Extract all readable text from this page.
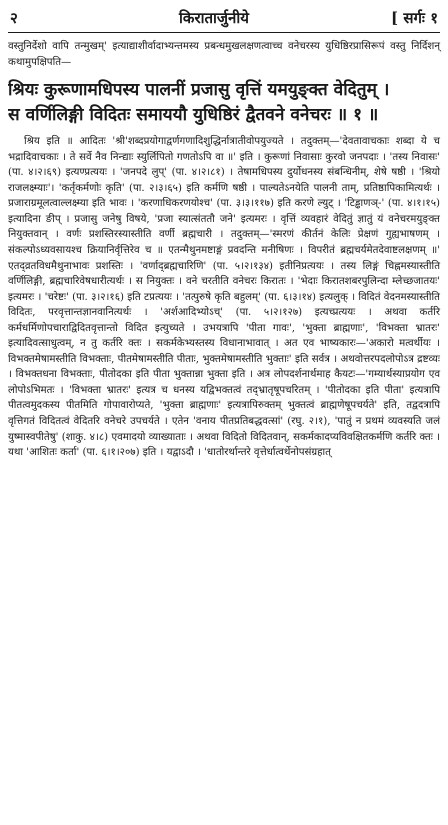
२	किरातार्जुनीये	[ सर्गः १

वस्तुनिर्देशो वापि तन्मुखम्' इत्याद्याशीर्वादाभ्यन्तमस्य प्रबन्धमुखलक्षणत्वाच्च वनेचरस्य युधिष्ठिरप्रासिरूपं वस्तु निर्दिशन् कथामुपक्षिपति—

श्रियः कुरूणामधिपस्य पालनीं प्रजासु वृत्तिं यमयुङ्क्त वेदितुम् ।
स वर्णिलिङ्गी विदितः समाययौ युधिष्ठिरं द्वैतवने वनेचरः ॥ १ ॥

श्रिय इति ॥ आदितः 'श्री'शब्दप्रयोगाद्वर्णगणादिशुद्धिर्नात्रातीवोपयुज्यते । तदुक्तम्—'देवतावाचकाः शब्दा ये च भद्रादिवाचकाः । ते सर्वे नैव निन्द्याः स्युर्लिपितो गणतोऽपि वा ॥' इति । कुरूणां निवासाः कुरवो जनपदाः । 'तस्य निवासः' (पा. ४।२।६९) इत्यण्प्रत्ययः । 'जनपदे लुप्' (पा. ४।२।८१) । तेषामधिपस्य दुर्योधनस्य संबन्धिनीम्, शेषे षष्ठी । 'श्रियो राजलक्ष्म्याः'। 'कर्तृकर्मणोः कृति' (पा. २।३।६५) इति कर्मणि षष्ठी । पाल्यतेऽनयेति पालनी ताम्, प्रतिष्ठापिकामित्यर्थः । प्रजाराग्रमूलत्वाल्लक्ष्म्या इति भावः । 'करणाधिकरणयोश्च' (पा. ३।३।११७) इति करणे ल्युट् । 'टिड्ढाणञ्-' (पा. ४।१।१५) इत्यादिना ङीप् । प्रजासु जनेषु विषये, 'प्रजा स्यात्संततौ जने' इत्यमरः । वृत्तिं व्यवहारं वेदितुं ज्ञातुं यं वनेचरमयुङ्क्त नियुक्तवान् । वर्णः प्रशस्तिरस्यास्तीति वर्णी ब्रह्मचारी । तदुक्तम्—'स्मरणं कीर्तनं केलिः प्रेक्षणं गुह्यभाषणम् । संकल्पोऽध्यवसायश्च क्रियानिर्वृत्तिरेव च ॥ एतन्मैथुनमष्टाङ्गं प्रवदन्ति मनीषिणः । विपरीतं ब्रह्मचर्यमेतदेवाष्टलक्षणम् ॥' एतद्व्रतविधमैथुनाभावः प्रशस्तिः । 'वर्णाद्ब्रह्मचारिणि' (पा. ५।२।१३४) इतीनिप्रत्ययः । तस्य लिङ्गं चिह्नमस्यास्तीति वर्णिलिङ्गी, ब्रह्मचारिवेषधारीत्यर्थः । स नियुक्तः । वने चरतीति वनेचरः किरातः । 'भेदाः किरातशबरपुलिन्दा म्लेच्छजातयः' इत्यमरः । 'चरेष्टः' (पा. ३।२।१६) इति टप्रत्ययः । 'तत्पुरुषे कृति बहुलम्' (पा. ६।३।१४) इत्यलुक् । विदितं वेदनमस्यास्तीति विदितः, परवृत्तान्तज्ञानवानित्यर्थः । 'अर्शआदिभ्योऽच्' (पा. ५।२।१२७) इत्यच्प्रत्ययः । अथवा कर्तरि कर्मधर्मिणोपचाराद्विदितवृत्तान्तो विदित इत्युच्यते । उभयत्रापि 'पीता गावः', 'भुक्ता ब्राह्मणाः', 'विभक्ता भ्रातरः' इत्यादिवत्साधुत्वम्, न तु कर्तरि क्तः । सकर्मकेभ्यस्तस्य विधानाभावात् । अत एव भाष्यकारः—'अकारो मत्वर्थीयः । विभक्तमेषामस्तीति विभक्ताः, पीतमेषामस्तीति पीताः, भुक्तमेषामस्तीति भुक्ताः' इति सर्वत्र । अथवोत्तरपदलोपोऽत्र द्रष्टव्यः । विभक्तधना विभक्ताः, पीतोदका इति पीता भुक्तान्ना भुक्ता इति । अत्र लोपदर्शनार्थमाह कैयटः—'गम्यार्थस्याप्रयोग एव लोपोऽभिमतः । 'विभक्ता भ्रातरः' इत्यत्र च धनस्य यद्विभक्तत्वं तद्भ्रातृषूपचरितम् । 'पीतोदका इति पीता' इत्यत्रापि पीतत्वमुदकस्य पीतमिति गोपावारोप्यते, 'भुक्ता ब्राह्मणाः' इत्यत्रापिरुक्तम् भुक्तत्वं ब्राह्मणेषूपचर्यते' इति, तद्वदत्रापि वृत्तिगतं विदितत्वं वेदितरि वनेचरे उपचर्यते । एतेन 'वनाय पीतप्रतिबद्धवत्सां' (रघु. २।१), 'पातुं न प्रथमं व्यवस्यति जलं युष्मास्वपीतेषु' (शाकु. ४।८) एवमादयो व्याख्याताः । अथवा विदितो विदितवान्, सकर्मकादप्यविवक्षितकर्मणि कर्तरि क्तः । यथा 'आशितः कर्ता' (पा. ६।१।२०७) इति । यद्वाऽदौ । 'धातोरर्थान्तरे वृत्तेर्धात्वर्थेनोपसंग्रहात्
